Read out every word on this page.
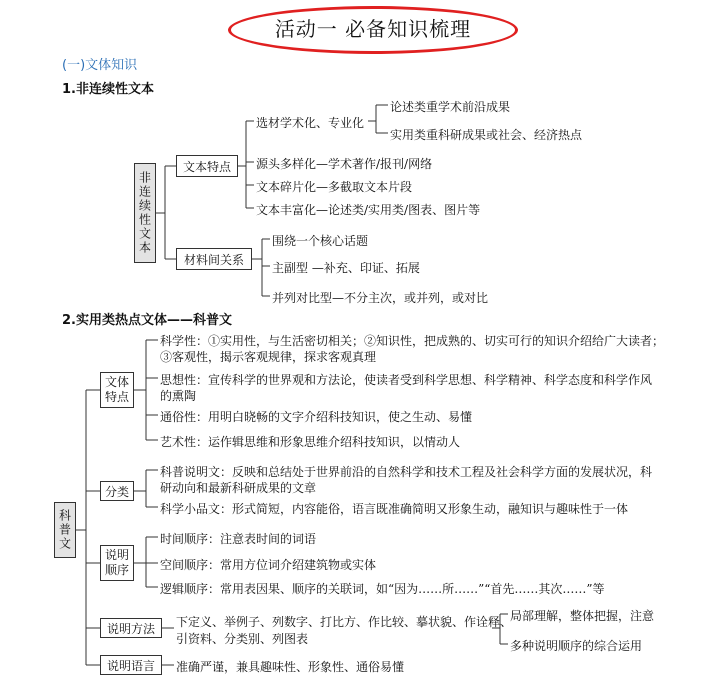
活动一 必备知识梳理
(一)文体知识
1.非连续性文本
非连续性文本
文本特点
材料间关系
选材学术化、专业化
论述类重学术前沿成果
实用类重科研成果或社会、经济热点
源头多样化—学术著作/报刊/网络
文本碎片化—多截取文本片段
文本丰富化—论述类/实用类/图表、图片等
围绕一个核心话题
主副型 —补充、印证、拓展
并列对比型—不分主次，或并列，或对比
2.实用类热点文体——科普文
科普文
文体特点
分类
说明顺序
说明方法
说明语言
科学性：①实用性，与生活密切相关；②知识性，把成熟的、切实可行的知识介绍给广大读者；
③客观性，揭示客观规律，探求客观真理
思想性：宣传科学的世界观和方法论，使读者受到科学思想、科学精神、科学态度和科学作风
的熏陶
通俗性：用明白晓畅的文字介绍科技知识，使之生动、易懂
艺术性：运作辑思维和形象思维介绍科技知识，以情动人
科普说明文：反映和总结处于世界前沿的自然科学和技术工程及社会科学方面的发展状况，科
研动向和最新科研成果的文章
科学小品文：形式简短，内容能俗，语言既准确简明又形象生动，融知识与趣味性于一体
时间顺序：注意表时间的词语
空间顺序：常用方位词介绍建筑物或实体
逻辑顺序：常用表因果、顺序的关联词，如“因为……所……”“首先……其次……”等
下定义、举例子、列数字、打比方、作比较、摹状貌、作诠释、
引资料、分类别、列图表
局部理解，整体把握，注意
多种说明顺序的综合运用
准确严谨，兼具趣味性、形象性、通俗易懂
